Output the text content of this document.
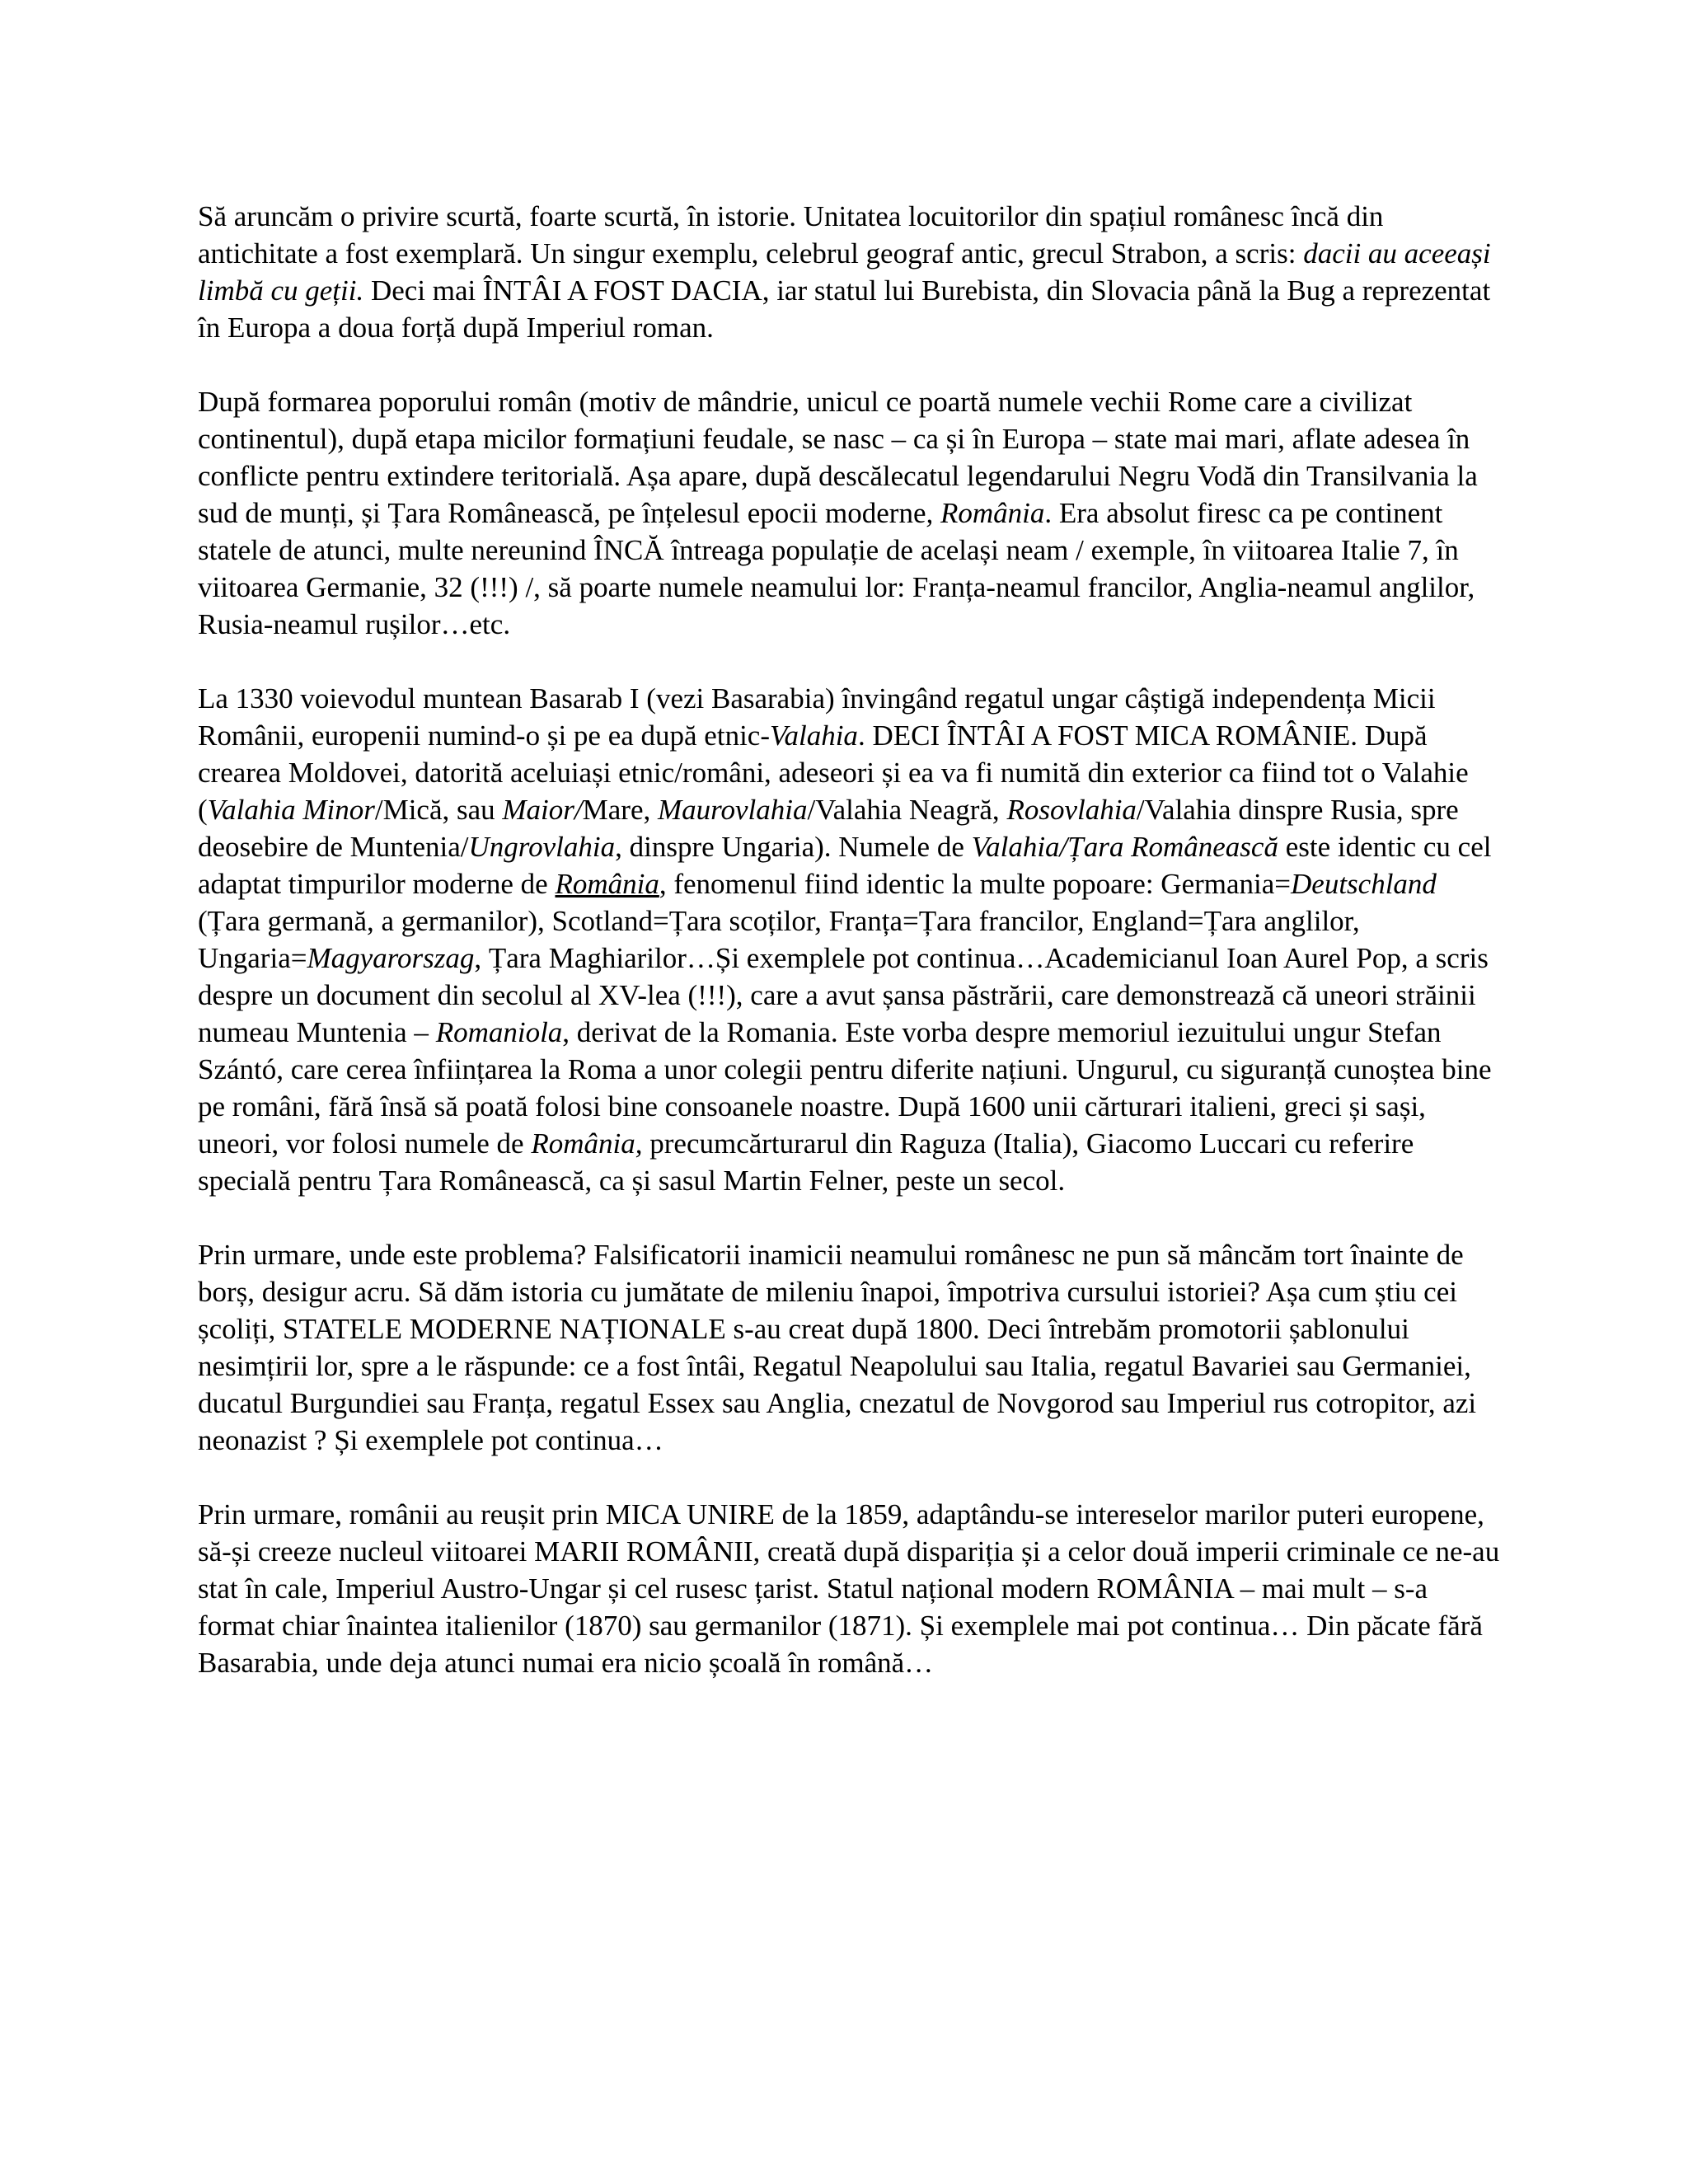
Să aruncăm o privire scurtă, foarte scurtă, în istorie. Unitatea locuitorilor din spațiul românesc încă din antichitate a fost exemplară. Un singur exemplu, celebrul geograf antic, grecul Strabon, a scris: dacii au aceeași limbă cu geții. Deci mai ÎNTÂI A FOST DACIA, iar statul lui Burebista, din Slovacia până la Bug a reprezentat în Europa a doua forță după Imperiul roman.

După formarea poporului român (motiv de mândrie, unicul ce poartă numele vechii Rome care a civilizat continentul), după etapa micilor formațiuni feudale, se nasc – ca și în Europa – state mai mari, aflate adesea în conflicte pentru extindere teritorială. Așa apare, după descălecatul legendarului Negru Vodă din Transilvania la sud de munți, și Țara Românească, pe înțelesul epocii moderne, România. Era absolut firesc ca pe continent statele de atunci, multe nereunind ÎNCĂ întreaga populație de același neam / exemple, în viitoarea Italie 7, în viitoarea Germanie, 32 (!!!) /, să poarte numele neamului lor: Franța-neamul francilor, Anglia-neamul anglilor, Rusia-neamul rușilor…etc.

La 1330 voievodul muntean Basarab I (vezi Basarabia) învingând regatul ungar câștigă independența Micii Românii, europenii numind-o și pe ea după etnic-Valahia. DECI ÎNTÂI A FOST MICA ROMÂNIE. După crearea Moldovei, datorită aceluiași etnic/români, adeseori și ea va fi numită din exterior ca fiind tot o Valahie (Valahia Minor/Mică, sau Maior/Mare, Maurovlahia/Valahia Neagră, Rosovlahia/Valahia dinspre Rusia, spre deosebire de Muntenia/Ungrovlahia, dinspre Ungaria). Numele de Valahia/Țara Românească este identic cu cel adaptat timpurilor moderne de România, fenomenul fiind identic la multe popoare: Germania=Deutschland (Țara germană, a germanilor), Scotland=Țara scoților, Franța=Țara francilor, England=Țara anglilor, Ungaria=Magyarorszag, Țara Maghiarilor…Și exemplele pot continua…Academicianul Ioan Aurel Pop, a scris despre un document din secolul al XV-lea (!!!), care a avut șansa păstrării, care demonstrează că uneori străinii numeau Muntenia – Romaniola, derivat de la Romania. Este vorba despre memoriul iezuitului ungur Stefan Szántó, care cerea înființarea la Roma a unor colegii pentru diferite națiuni. Ungurul, cu siguranță cunoștea bine pe români, fără însă să poată folosi bine consoanele noastre. După 1600 unii cărturari italieni, greci și sași, uneori, vor folosi numele de România, precumcărturarul din Raguza (Italia), Giacomo Luccari cu referire specială pentru Țara Românească, ca și sasul Martin Felner, peste un secol.

Prin urmare, unde este problema? Falsificatorii inamicii neamului românesc ne pun să mâncăm tort înainte de borș, desigur acru. Să dăm istoria cu jumătate de mileniu înapoi, împotriva cursului istoriei? Așa cum știu cei școliți, STATELE MODERNE NAȚIONALE s-au creat după 1800. Deci întrebăm promotorii șablonului nesimțirii lor, spre a le răspunde: ce a fost întâi, Regatul Neapolului sau Italia, regatul Bavariei sau Germaniei, ducatul Burgundiei sau Franța, regatul Essex sau Anglia, cnezatul de Novgorod sau Imperiul rus cotropitor, azi neonazist ? Și exemplele pot continua…

Prin urmare, românii au reușit prin MICA UNIRE de la 1859, adaptându-se intereselor marilor puteri europene, să-și creeze nucleul viitoarei MARII ROMÂNII, creată după dispariția și a celor două imperii criminale ce ne-au stat în cale, Imperiul Austro-Ungar și cel rusesc țarist. Statul național modern ROMÂNIA – mai mult – s-a format chiar înaintea italienilor (1870) sau germanilor (1871). Și exemplele mai pot continua… Din păcate fără Basarabia, unde deja atunci numai era nicio școală în română…
